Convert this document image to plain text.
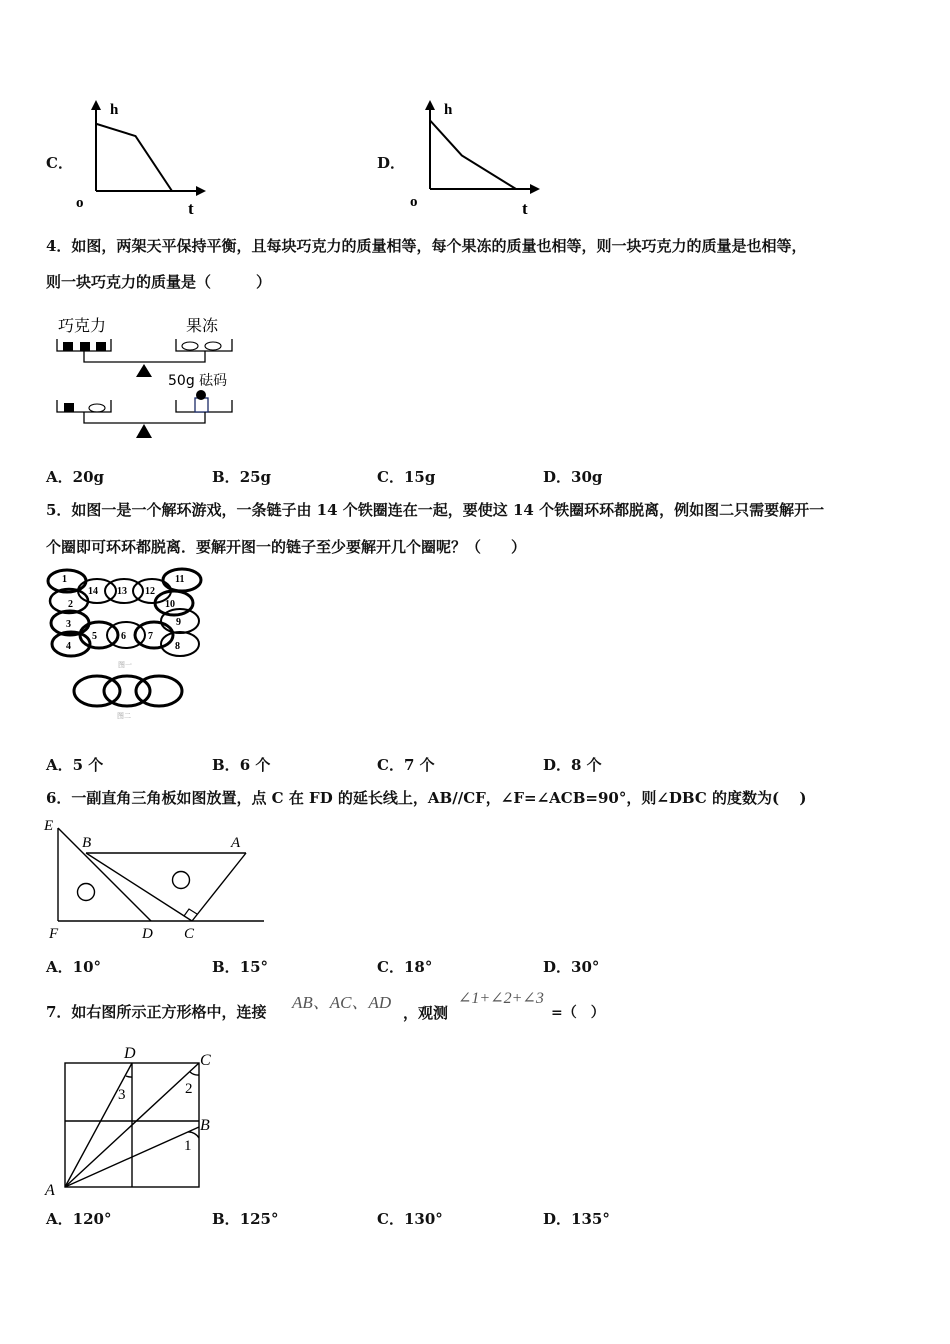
C．
h
o	t
D．
h
o	t
4．如图，两架天平保持平衡，且每块巧克力的质量相等，每个果冻的质量也相等，则一块巧克力的质量是也相等，
则一块巧克力的质量是（　　　）
巧克力	果冻
50g 砝码
A．20g	B．25g	C．15g	D．30g
5．如图一是一个解环游戏，一条链子由 14 个铁圈连在一起，要使这 14 个铁圈环环都脱离，例如图二只需要解开一
个圈即可环环都脱离．要解开图一的链子至少要解开几个圈呢？（　　）
1
14 13 12
11
2	10
3	9
4
5 6 7
8
图一
图二
A．5 个	B．6 个	C．7 个	D．8 个
6．一副直角三角板如图放置，点 C 在 FD 的延长线上，AB//CF，∠F=∠ACB=90°，则∠DBC 的度数为(　 )
E
B	A
F	D C
A．10°	B．15°	C．18°	D．30°
7．如右图所示正方形格中，连接 AB、AC、AD
，观测
∠1+∠2+∠3
=（　）
D	C
B
A
1
2
3
A．120°	B．125°	C．130°	D．135°
